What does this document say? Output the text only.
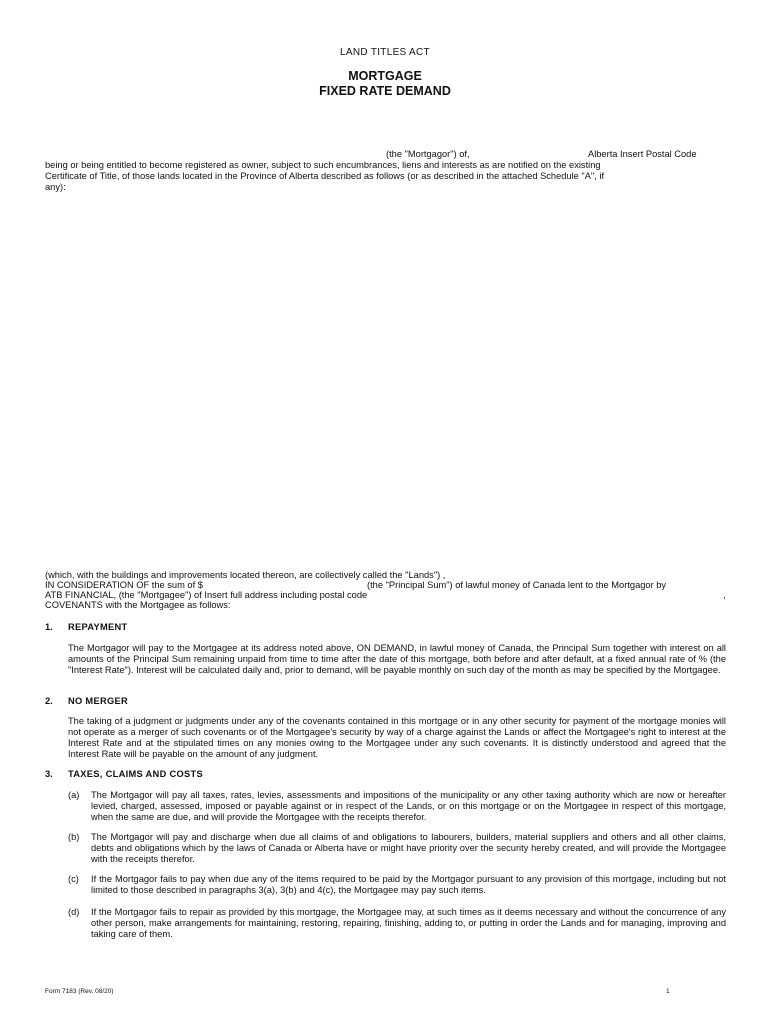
LAND TITLES ACT
MORTGAGE
FIXED RATE DEMAND
(the "Mortgagor") of,	Alberta Insert Postal Code
being or being entitled to become registered as owner, subject to such encumbrances, liens and interests as are notified on the existing
Certificate of Title, of those lands located in the Province of Alberta described as follows (or as described in the attached Schedule "A", if
any):
(which, with the buildings and improvements located thereon, are collectively called the "Lands") ,
IN CONSIDERATION OF the sum of $	(the "Principal Sum") of lawful money of Canada lent to the Mortgagor by
ATB FINANCIAL, (the "Mortgagee") of Insert full address including postal code	,
COVENANTS with the Mortgagee as follows:
1. REPAYMENT
The Mortgagor will pay to the Mortgagee at its address noted above, ON DEMAND, in lawful money of Canada, the Principal Sum together with interest on all amounts of the Principal Sum remaining unpaid from time to time after the date of this mortgage, both before and after default, at a fixed annual rate of % (the "Interest Rate"). Interest will be calculated daily and, prior to demand, will be payable monthly on such day of the month as may be specified by the Mortgagee.
2. NO MERGER
The taking of a judgment or judgments under any of the covenants contained in this mortgage or in any other security for payment of the mortgage monies will not operate as a merger of such covenants or of the Mortgagee's security by way of a charge against the Lands or affect the Mortgagee's right to interest at the Interest Rate and at the stipulated times on any monies owing to the Mortgagee under any such covenants. It is distinctly understood and agreed that the Interest Rate will be payable on the amount of any judgment.
3. TAXES, CLAIMS AND COSTS
(a) The Mortgagor will pay all taxes, rates, levies, assessments and impositions of the municipality or any other taxing authority which are now or hereafter levied, charged, assessed, imposed or payable against or in respect of the Lands, or on this mortgage or on the Mortgagee in respect of this mortgage, when the same are due, and will provide the Mortgagee with the receipts therefor.
(b) The Mortgagor will pay and discharge when due all claims of and obligations to labourers, builders, material suppliers and others and all other claims, debts and obligations which by the laws of Canada or Alberta have or might have priority over the security hereby created, and will provide the Mortgagee with the receipts therefor.
(c) If the Mortgagor fails to pay when due any of the items required to be paid by the Mortgagor pursuant to any provision of this mortgage, including but not limited to those described in paragraphs 3(a), 3(b) and 4(c), the Mortgagee may pay such items.
(d) If the Mortgagor fails to repair as provided by this mortgage, the Mortgagee may, at such times as it deems necessary and without the concurrence of any other person, make arrangements for maintaining, restoring, repairing, finishing, adding to, or putting in order the Lands and for managing, improving and taking care of them.
Form 7183 (Rev. 08/20)	1
